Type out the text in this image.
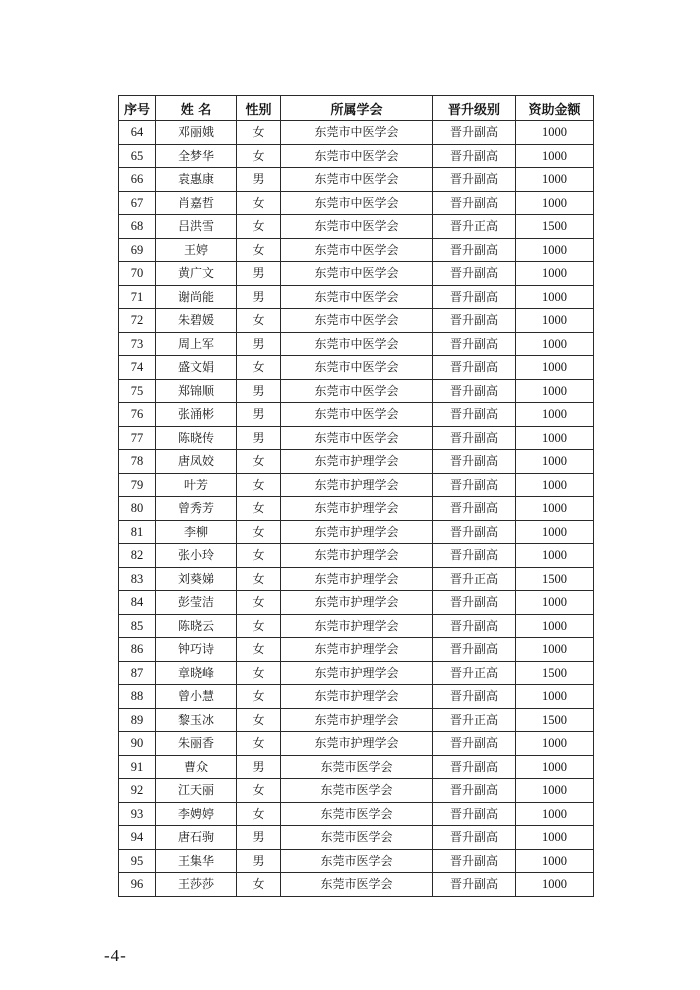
序号	姓 名	性别	所属学会	晋升级别	资助金额
64	邓丽娥	女	东莞市中医学会	晋升副高	1000
65	全梦华	女	东莞市中医学会	晋升副高	1000
66	袁惠康	男	东莞市中医学会	晋升副高	1000
67	肖嘉哲	女	东莞市中医学会	晋升副高	1000
68	吕洪雪	女	东莞市中医学会	晋升正高	1500
69	王婷	女	东莞市中医学会	晋升副高	1000
70	黄广文	男	东莞市中医学会	晋升副高	1000
71	谢尚能	男	东莞市中医学会	晋升副高	1000
72	朱碧媛	女	东莞市中医学会	晋升副高	1000
73	周上军	男	东莞市中医学会	晋升副高	1000
74	盛文娟	女	东莞市中医学会	晋升副高	1000
75	郑锦顺	男	东莞市中医学会	晋升副高	1000
76	张涌彬	男	东莞市中医学会	晋升副高	1000
77	陈晓传	男	东莞市中医学会	晋升副高	1000
78	唐凤姣	女	东莞市护理学会	晋升副高	1000
79	叶芳	女	东莞市护理学会	晋升副高	1000
80	曾秀芳	女	东莞市护理学会	晋升副高	1000
81	李柳	女	东莞市护理学会	晋升副高	1000
82	张小玲	女	东莞市护理学会	晋升副高	1000
83	刘葵娣	女	东莞市护理学会	晋升正高	1500
84	彭莹洁	女	东莞市护理学会	晋升副高	1000
85	陈晓云	女	东莞市护理学会	晋升副高	1000
86	钟巧诗	女	东莞市护理学会	晋升副高	1000
87	章晓峰	女	东莞市护理学会	晋升正高	1500
88	曾小慧	女	东莞市护理学会	晋升副高	1000
89	黎玉冰	女	东莞市护理学会	晋升正高	1500
90	朱丽香	女	东莞市护理学会	晋升副高	1000
91	曹众	男	东莞市医学会	晋升副高	1000
92	江天丽	女	东莞市医学会	晋升副高	1000
93	李娉婷	女	东莞市医学会	晋升副高	1000
94	唐石驹	男	东莞市医学会	晋升副高	1000
95	王集华	男	东莞市医学会	晋升副高	1000
96	王莎莎	女	东莞市医学会	晋升副高	1000
-4-
